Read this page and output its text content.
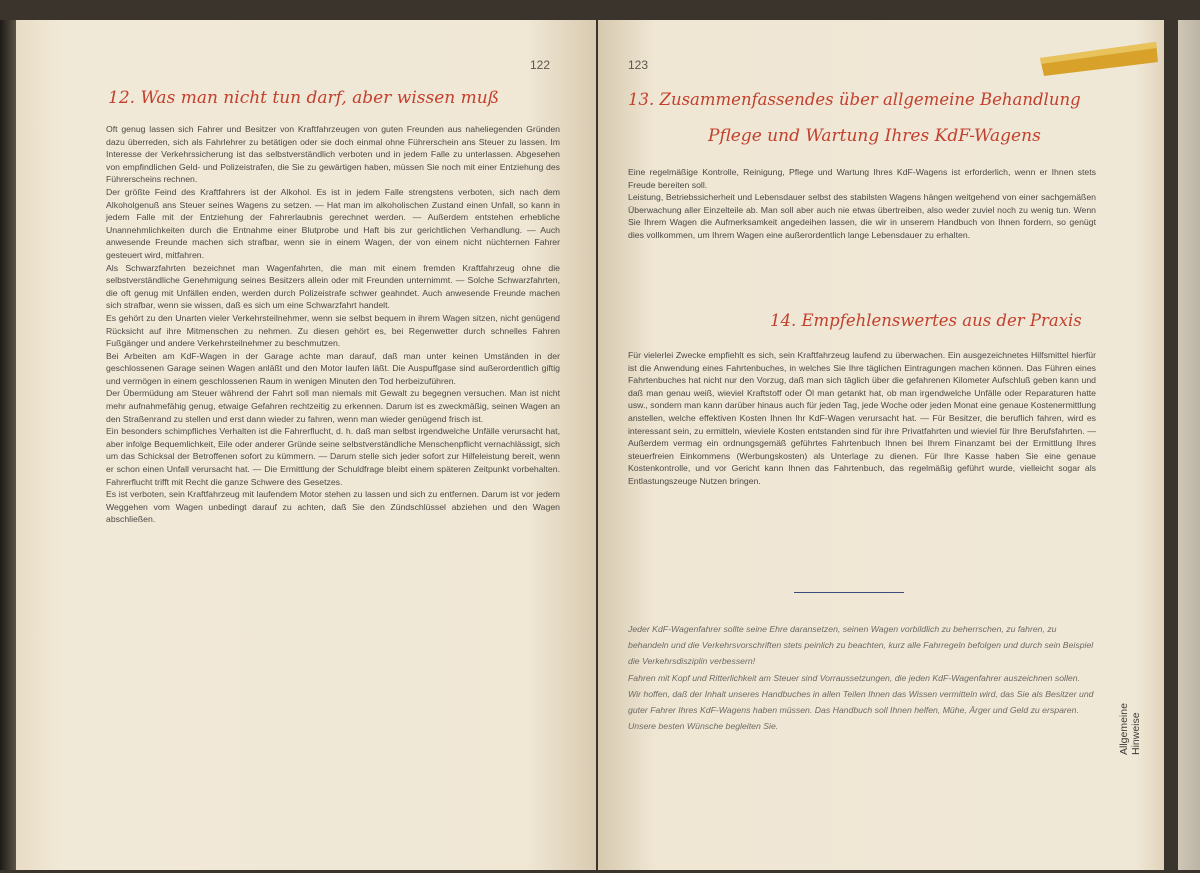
122
12. Was man nicht tun darf, aber wissen muß

Oft genug lassen sich Fahrer und Besitzer von Kraftfahrzeugen von guten Freunden aus naheliegenden Gründen dazu überreden, sich als Fahrlehrer zu betätigen oder sie doch einmal ohne Führerschein ans Steuer zu lassen. Im Interesse der Verkehrssicherung ist das selbstverständlich verboten und in jedem Falle zu unterlassen. Abgesehen von empfindlichen Geld- und Polizeistrafen, die Sie zu gewärtigen haben, müssen Sie noch mit einer Entziehung des Führerscheins rechnen.

Der größte Feind des Kraftfahrers ist der Alkohol. Es ist in jedem Falle strengstens verboten, sich nach dem Alkoholgenuß ans Steuer seines Wagens zu setzen. — Hat man im alkoholischen Zustand einen Unfall, so kann in jedem Falle mit der Entziehung der Fahrerlaubnis gerechnet werden. — Außerdem entstehen erhebliche Unannehmlichkeiten durch die Entnahme einer Blutprobe und Haft bis zur gerichtlichen Verhandlung. — Auch anwesende Freunde machen sich strafbar, wenn sie in einem Wagen, der von einem nicht nüchternen Fahrer gesteuert wird, mitfahren.

Als Schwarzfahrten bezeichnet man Wagenfahrten, die man mit einem fremden Kraftfahrzeug ohne die selbstverständliche Genehmigung seines Besitzers allein oder mit Freunden unternimmt. — Solche Schwarzfahrten, die oft genug mit Unfällen enden, werden durch Polizeistrafe schwer geahndet. Auch anwesende Freunde machen sich strafbar, wenn sie wissen, daß es sich um eine Schwarzfahrt handelt.

Es gehört zu den Unarten vieler Verkehrsteilnehmer, wenn sie selbst bequem in ihrem Wagen sitzen, nicht genügend Rücksicht auf ihre Mitmenschen zu nehmen. Zu diesen gehört es, bei Regenwetter durch schnelles Fahren Fußgänger und andere Verkehrsteilnehmer zu beschmutzen.

Bei Arbeiten am KdF-Wagen in der Garage achte man darauf, daß man unter keinen Umständen in der geschlossenen Garage seinen Wagen anläßt und den Motor laufen läßt. Die Auspuffgase sind außerordentlich giftig und vermögen in einem geschlossenen Raum in wenigen Minuten den Tod herbeizuführen.

Der Übermüdung am Steuer während der Fahrt soll man niemals mit Gewalt zu begegnen versuchen. Man ist nicht mehr aufnahmefähig genug, etwaige Gefahren rechtzeitig zu erkennen. Darum ist es zweckmäßig, seinen Wagen an den Straßenrand zu stellen und erst dann wieder zu fahren, wenn man wieder genügend frisch ist.

Ein besonders schimpfliches Verhalten ist die Fahrerflucht, d. h. daß man selbst irgendwelche Unfälle verursacht hat, aber infolge Bequemlichkeit, Eile oder anderer Gründe seine selbstverständliche Menschenpflicht vernachlässigt, sich um das Schicksal der Betroffenen sofort zu kümmern. — Darum stelle sich jeder sofort zur Hilfeleistung bereit, wenn er schon einen Unfall verursacht hat. — Die Ermittlung der Schuldfrage bleibt einem späteren Zeitpunkt vorbehalten. Fahrerflucht trifft mit Recht die ganze Schwere des Gesetzes.

Es ist verboten, sein Kraftfahrzeug mit laufendem Motor stehen zu lassen und sich zu entfernen. Darum ist vor jedem Weggehen vom Wagen unbedingt darauf zu achten, daß Sie den Zündschlüssel abziehen und den Wagen abschließen.

123
13. Zusammenfassendes über allgemeine Behandlung
Pflege und Wartung Ihres KdF-Wagens

Eine regelmäßige Kontrolle, Reinigung, Pflege und Wartung Ihres KdF-Wagens ist erforderlich, wenn er Ihnen stets Freude bereiten soll.

Leistung, Betriebssicherheit und Lebensdauer selbst des stabilsten Wagens hängen weitgehend von einer sachgemäßen Überwachung aller Einzelteile ab. Man soll aber auch nie etwas übertreiben, also weder zuviel noch zu wenig tun. Wenn Sie Ihrem Wagen die Aufmerksamkeit angedeihen lassen, die wir in unserem Handbuch von Ihnen fordern, so genügt dies vollkommen, um Ihrem Wagen eine außerordentlich lange Lebensdauer zu erhalten.

14. Empfehlenswertes aus der Praxis

Für vielerlei Zwecke empfiehlt es sich, sein Kraftfahrzeug laufend zu überwachen. Ein ausgezeichnetes Hilfsmittel hierfür ist die Anwendung eines Fahrtenbuches, in welches Sie Ihre täglichen Eintragungen machen können. Das Führen eines Fahrtenbuches hat nicht nur den Vorzug, daß man sich täglich über die gefahrenen Kilometer Aufschluß geben kann und daß man genau weiß, wieviel Kraftstoff oder Öl man getankt hat, ob man irgendwelche Unfälle oder Reparaturen hatte usw., sondern man kann darüber hinaus auch für jeden Tag, jede Woche oder jeden Monat eine genaue Kostenermittlung anstellen, welche effektiven Kosten Ihnen Ihr KdF-Wagen verursacht hat. — Für Besitzer, die beruflich fahren, wird es interessant sein, zu ermitteln, wieviele Kosten entstanden sind für ihre Privatfahrten und wieviel für Ihre Berufsfahrten. — Außerdem vermag ein ordnungsgemäß geführtes Fahrtenbuch Ihnen bei Ihrem Finanzamt bei der Ermittlung Ihres steuerfreien Einkommens (Werbungskosten) als Unterlage zu dienen. Für Ihre Kasse haben Sie eine genaue Kostenkontrolle, und vor Gericht kann Ihnen das Fahrtenbuch, das regelmäßig geführt wurde, vielleicht sogar als Entlastungszeuge Nutzen bringen.

Jeder KdF-Wagenfahrer sollte seine Ehre daransetzen, seinen Wagen vorbildlich zu beherrschen, zu fahren, zu behandeln und die Verkehrsvorschriften stets peinlich zu beachten, kurz alle Fahrregeln befolgen und durch sein Beispiel die Verkehrsdisziplin verbessern!

Fahren mit Kopf und Ritterlichkeit am Steuer sind Vorraussetzungen, die jeden KdF-Wagenfahrer auszeichnen sollen.

Wir hoffen, daß der Inhalt unseres Handbuches in allen Teilen Ihnen das Wissen vermitteln wird, das Sie als Besitzer und guter Fahrer Ihres KdF-Wagens haben müssen. Das Handbuch soll Ihnen helfen, Mühe, Ärger und Geld zu ersparen. Unsere besten Wünsche begleiten Sie.	Allgemeine Hinweise
